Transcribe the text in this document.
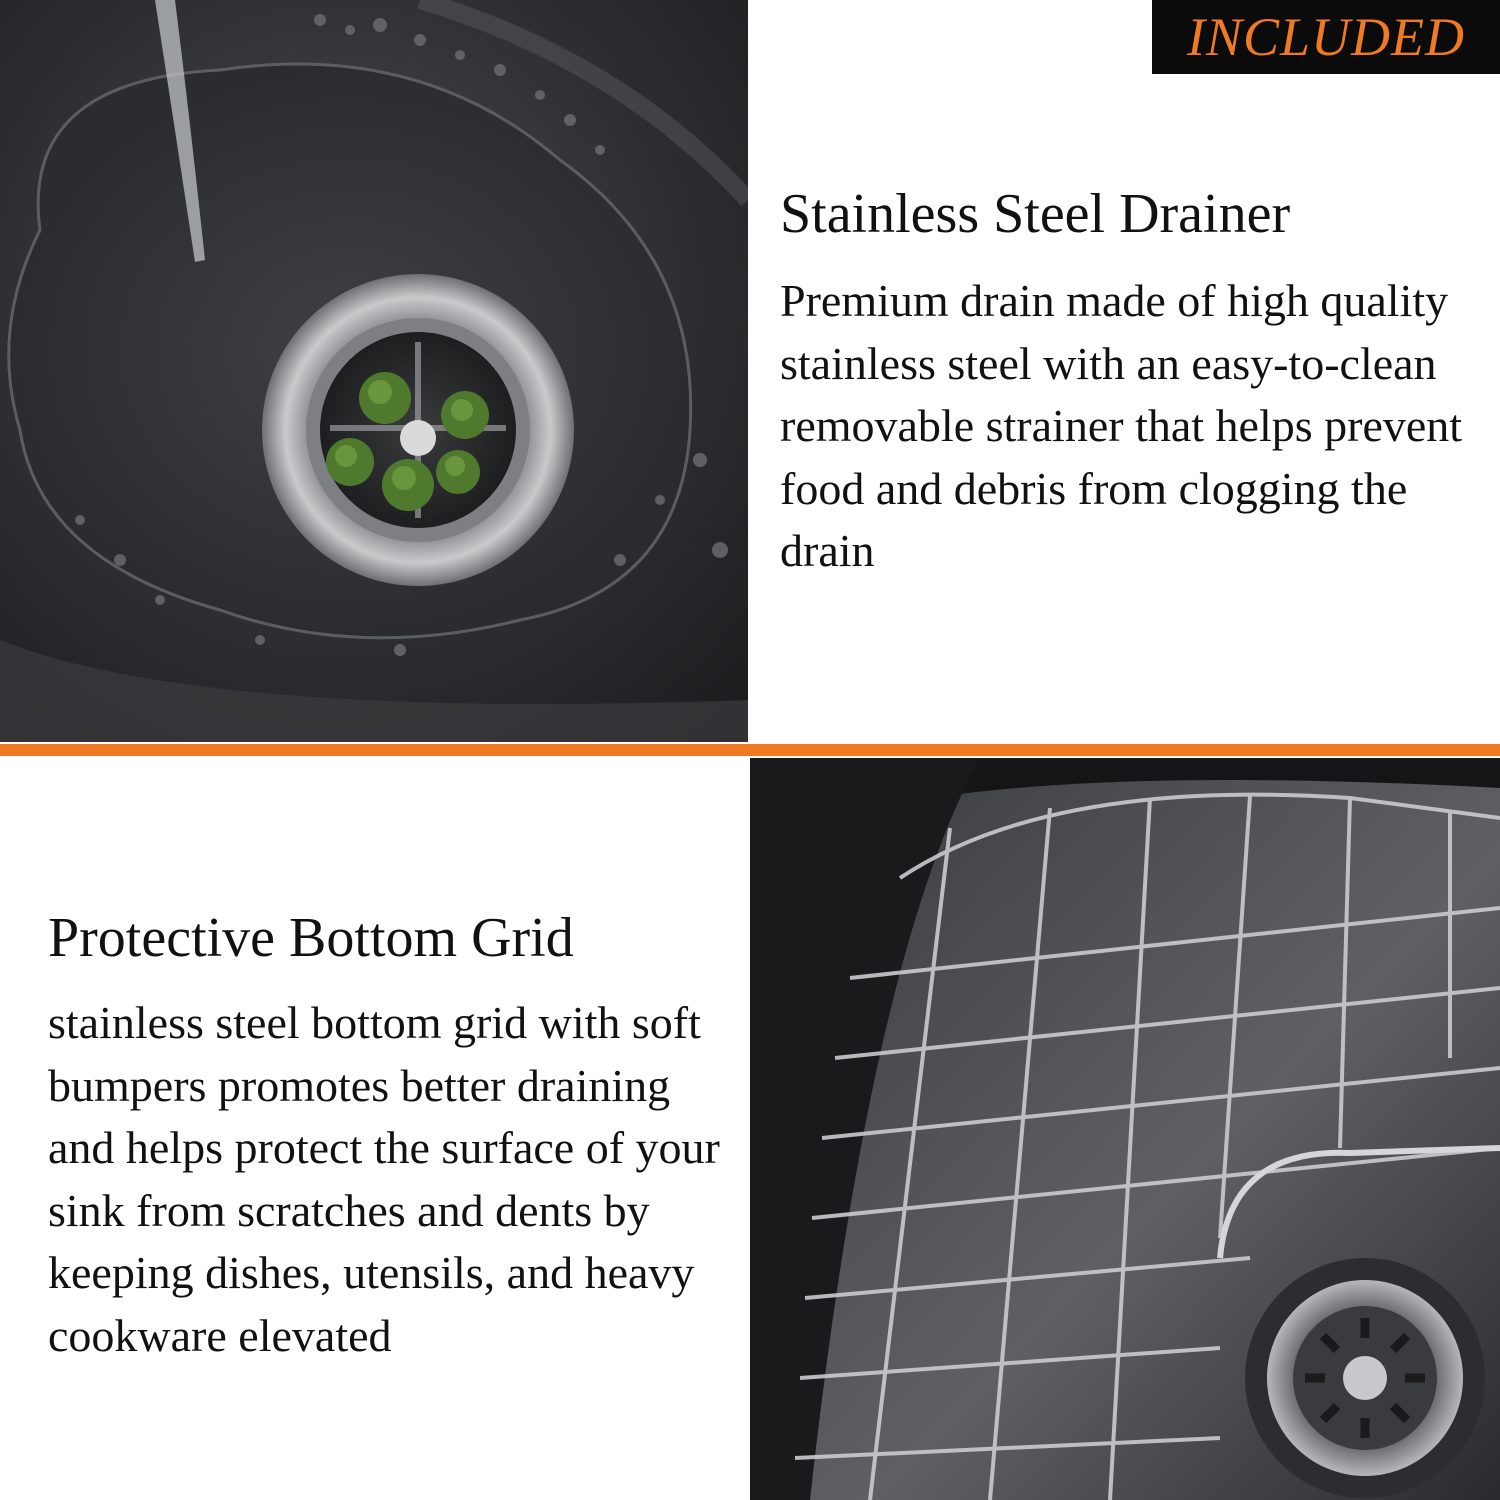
INCLUDED
Stainless Steel Drainer
Premium drain made of high quality stainless steel with an easy-to-clean removable strainer that helps prevent food and debris from clogging the drain
Protective Bottom Grid
stainless steel bottom grid with soft bumpers promotes better draining and helps protect the surface of your sink from scratches and dents by keeping dishes, utensils, and heavy cookware elevated
